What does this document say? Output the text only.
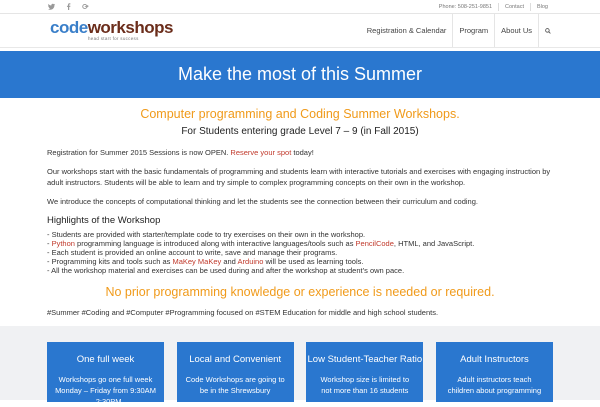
Phone: 508-251-9851	Contact	Blog
codeworkshops
head start for success
Registration & Calendar	Program	About Us
Make the most of this Summer
Computer programming and Coding Summer Workshops.
For Students entering grade Level 7 – 9 (in Fall 2015)

Registration for Summer 2015 Sessions is now OPEN. Reserve your spot today!

Our workshops start with the basic fundamentals of programming and students learn with interactive tutorials and exercises with engaging instruction by adult instructors. Students will be able to learn and try simple to complex programming concepts on their own in the workshop.

We introduce the concepts of computational thinking and let the students see the connection between their curriculum and coding.

Highlights of the Workshop
- Students are provided with starter/template code to try exercises on their own in the workshop.
- Python programming language is introduced along with interactive languages/tools such as PencilCode, HTML, and JavaScript.
- Each student is provided an online account to write, save and manage their programs.
- Programming kits and tools such as MaKey MaKey and Arduino will be used as learning tools.
- All the workshop material and exercises can be used during and after the workshop at student’s own pace.
No prior programming knowledge or experience is needed or required.

#Summer #Coding and #Computer #Programming focused on #STEM Education for middle and high school students.

One full week
Workshops go one full week Monday – Friday from 9:30AM – 2:30PM
Local and Convenient
Code Workshops are going to be in the Shrewsbury
Low Student-Teacher Ratio
Workshop size is limited to not more than 16 students
Adult Instructors
Adult instructors teach children about programming
